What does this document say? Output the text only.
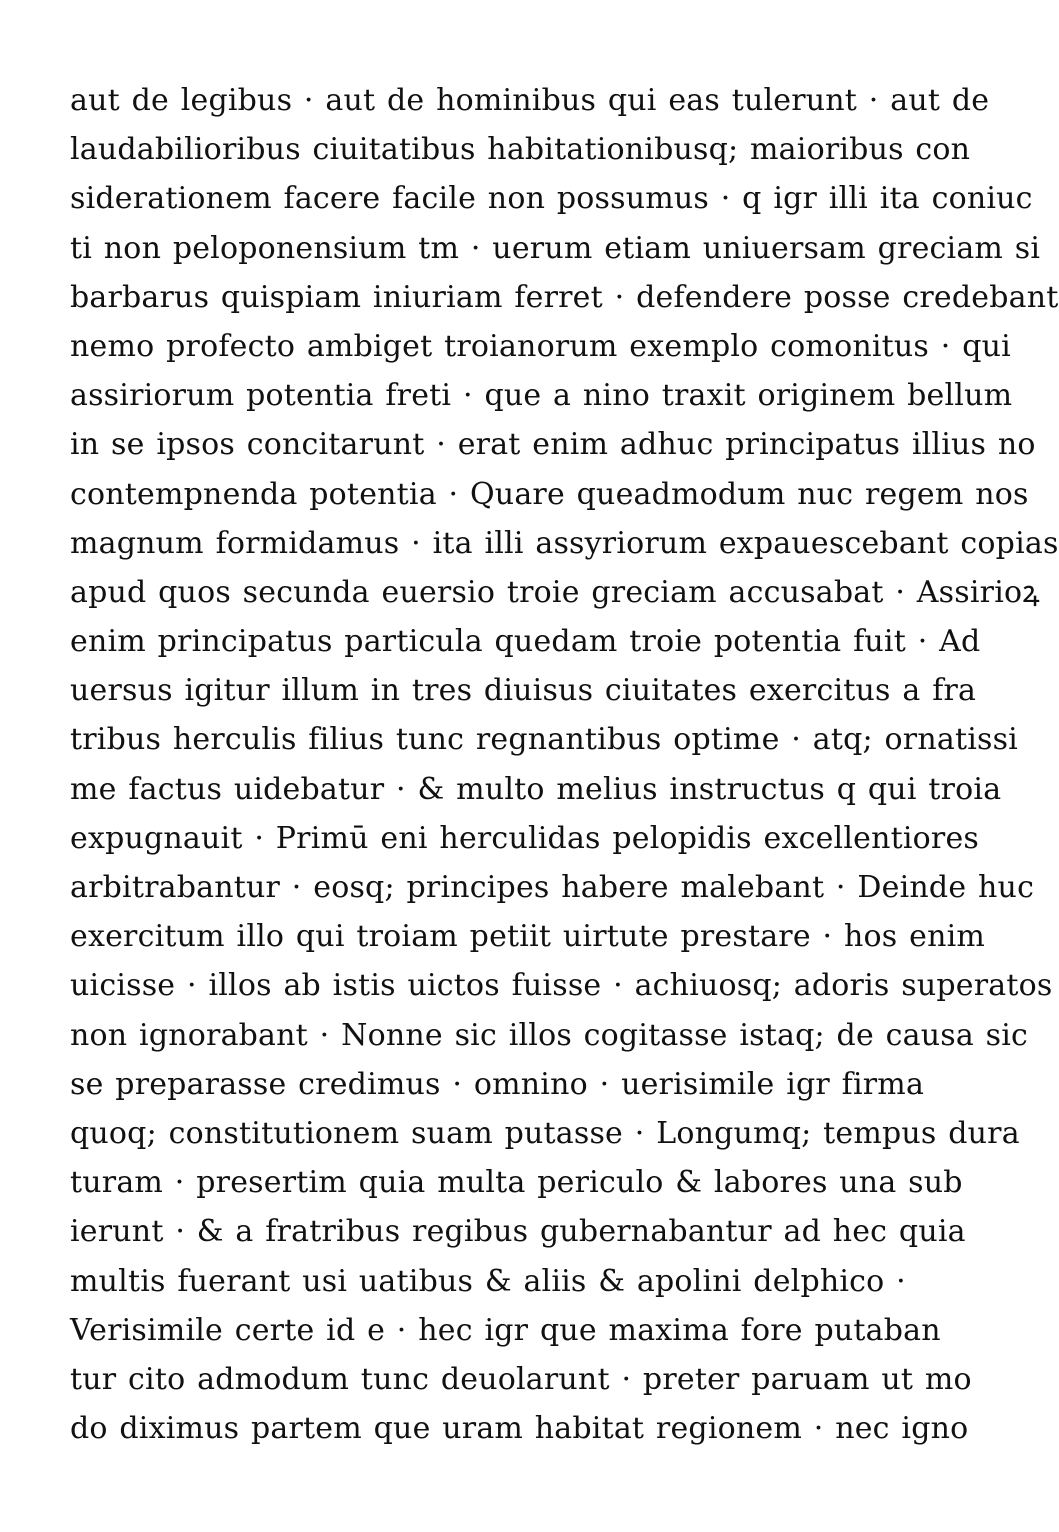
aut de legibus · aut de hominibus qui eas tulerunt · aut de
laudabilioribus ciuitatibus habitationibusq; maioribus con
siderationem facere facile non possumus · q igr illi ita coniuc
ti non peloponensium tm · uerum etiam uniuersam greciam si
barbarus quispiam iniuriam ferret · defendere posse credebant
nemo profecto ambiget troianorum exemplo comonitus · qui
assiriorum potentia freti · que a nino traxit originem bellum
in se ipsos concitarunt · erat enim adhuc principatus illius no
contempnenda potentia · Quare queadmodum nuc regem nos
magnum formidamus · ita illi assyriorum expauescebant copias
apud quos secunda euersio troie greciam accusabat · Assirioꝝ
enim principatus particula quedam troie potentia fuit · Ad
uersus igitur illum in tres diuisus ciuitates exercitus a fra
tribus herculis filius tunc regnantibus optime · atq; ornatissi
me factus uidebatur · & multo melius instructus q qui troia
expugnauit · Primū eni herculidas pelopidis excellentiores
arbitrabantur · eosq; principes habere malebant · Deinde huc
exercitum illo qui troiam petiit uirtute prestare · hos enim
uicisse · illos ab istis uictos fuisse · achiuosq; adoris superatos
non ignorabant · Nonne sic illos cogitasse istaq; de causa sic
se preparasse credimus · omnino · uerisimile igr firma
quoq; constitutionem suam putasse · Longumq; tempus dura
turam · presertim quia multa periculo & labores una sub
ierunt · & a fratribus regibus gubernabantur ad hec quia
multis fuerant usi uatibus & aliis & apolini delphico ·
Verisimile certe id e · hec igr que maxima fore putaban
tur cito admodum tunc deuolarunt · preter paruam ut mo
do diximus partem que uram habitat regionem · nec igno
